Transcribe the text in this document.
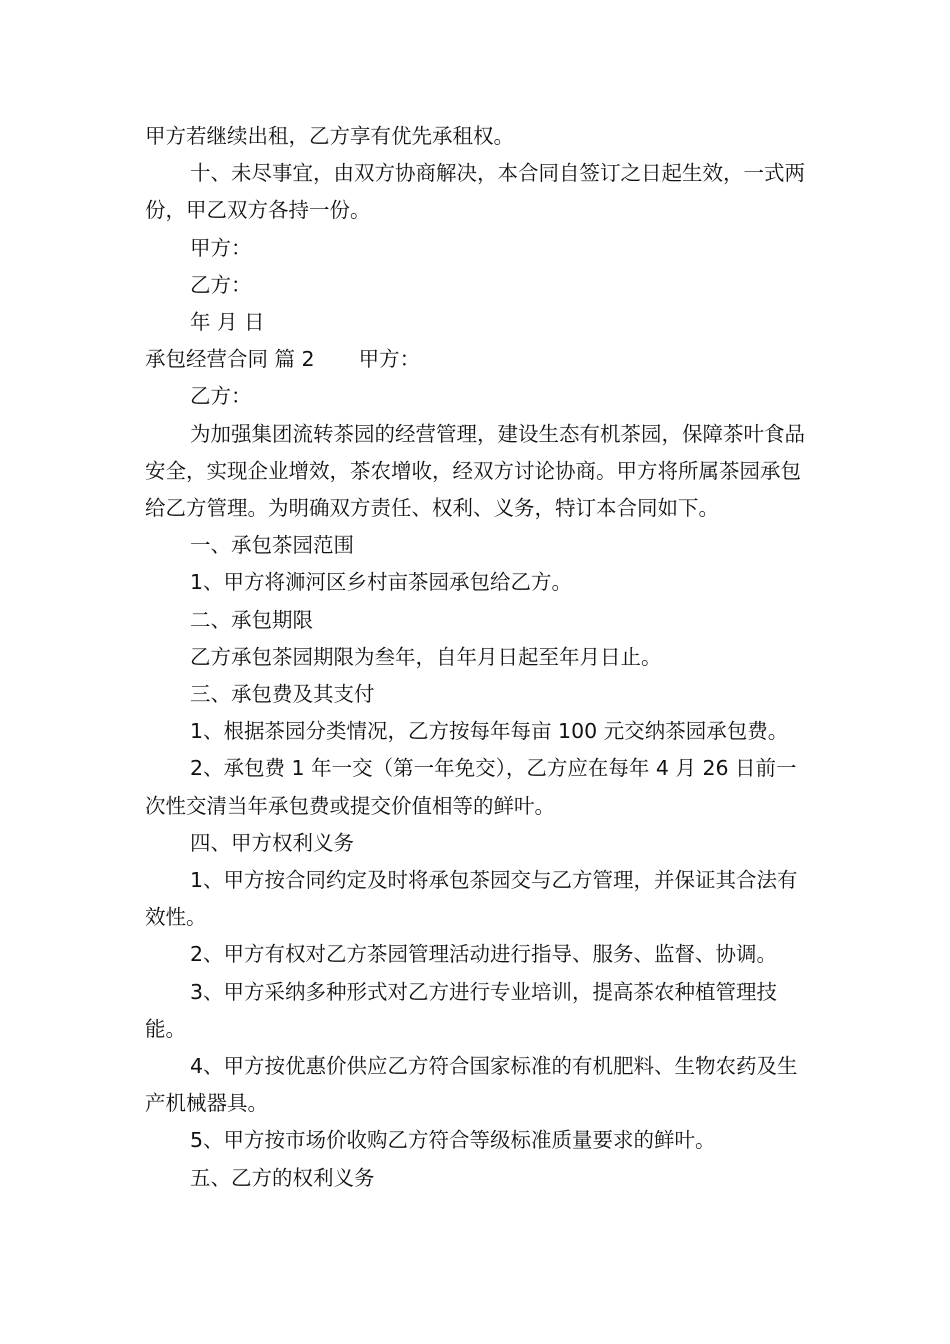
甲方若继续出租，乙方享有优先承租权。

十、未尽事宜，由双方协商解决，本合同自签订之日起生效，一式两份，甲乙双方各持一份。

甲方：

乙方：

年 月 日

承包经营合同 篇 2 甲方：

乙方：

为加强集团流转茶园的经营管理，建设生态有机茶园，保障茶叶食品安全，实现企业增效，茶农增收，经双方讨论协商。甲方将所属茶园承包给乙方管理。为明确双方责任、权利、义务，特订本合同如下。

一、承包茶园范围

1、甲方将浉河区乡村亩茶园承包给乙方。

二、承包期限

乙方承包茶园期限为叁年，自年月日起至年月日止。

三、承包费及其支付

1、根据茶园分类情况，乙方按每年每亩 100 元交纳茶园承包费。

2、承包费 1 年一交（第一年免交），乙方应在每年 4 月 26 日前一次性交清当年承包费或提交价值相等的鲜叶。

四、甲方权利义务

1、甲方按合同约定及时将承包茶园交与乙方管理，并保证其合法有效性。

2、甲方有权对乙方茶园管理活动进行指导、服务、监督、协调。

3、甲方采纳多种形式对乙方进行专业培训，提高茶农种植管理技能。

4、甲方按优惠价供应乙方符合国家标准的有机肥料、生物农药及生产机械器具。

5、甲方按市场价收购乙方符合等级标准质量要求的鲜叶。

五、乙方的权利义务
